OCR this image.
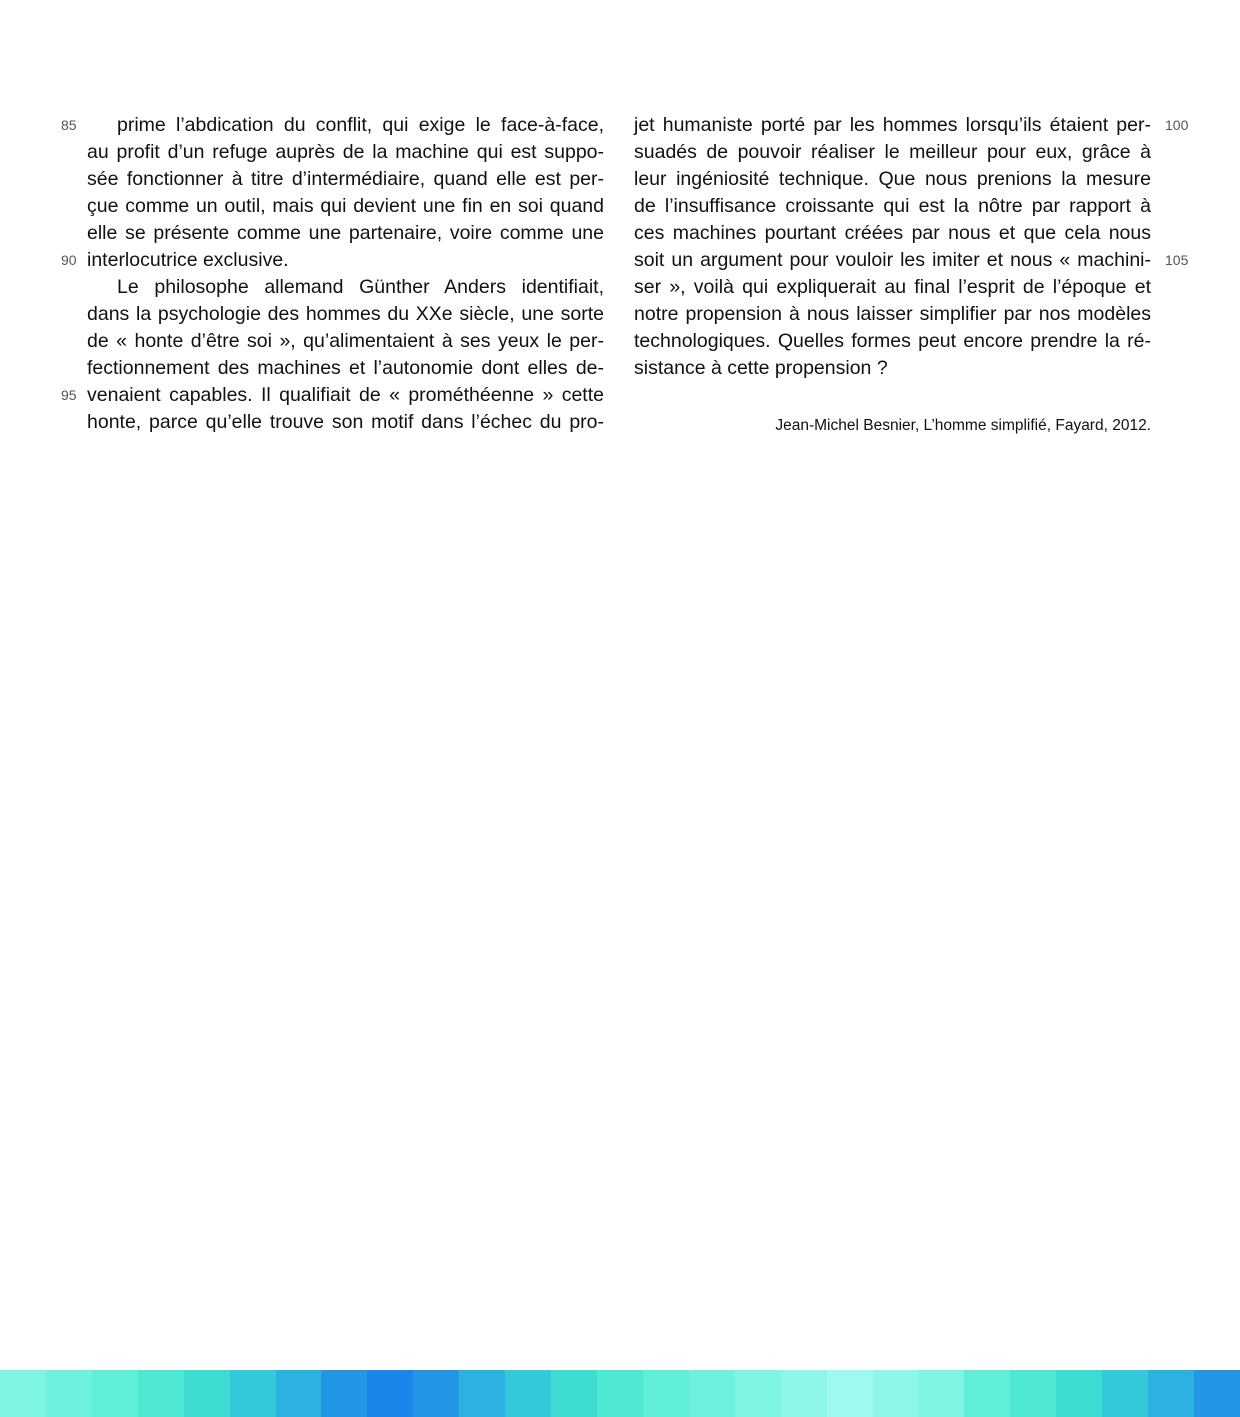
prime l’abdication du conflit, qui exige le face-à-face,
au profit d’un refuge auprès de la machine qui est suppo-
sée fonctionner à titre d’intermédiaire, quand elle est per-
çue comme un outil, mais qui devient une fin en soi quand
elle se présente comme une partenaire, voire comme une
interlocutrice exclusive.
Le philosophe allemand Günther Anders identifiait,
dans la psychologie des hommes du XXe siècle, une sorte
de « honte d’être soi », qu’alimentaient à ses yeux le per-
fectionnement des machines et l’autonomie dont elles de-
venaient capables. Il qualifiait de « prométhéenne » cette
honte, parce qu’elle trouve son motif dans l’échec du pro-
jet humaniste porté par les hommes lorsqu’ils étaient per-
suadés de pouvoir réaliser le meilleur pour eux, grâce à
leur ingéniosité technique. Que nous prenions la mesure
de l’insuffisance croissante qui est la nôtre par rapport à
ces machines pourtant créées par nous et que cela nous
soit un argument pour vouloir les imiter et nous « machini-
ser », voilà qui expliquerait au final l’esprit de l’époque et
notre propension à nous laisser simplifier par nos modèles
technologiques. Quelles formes peut encore prendre la ré-
sistance à cette propension ?
85
90
95
100
105
Jean-Michel Besnier, L’homme simplifié, Fayard, 2012.
